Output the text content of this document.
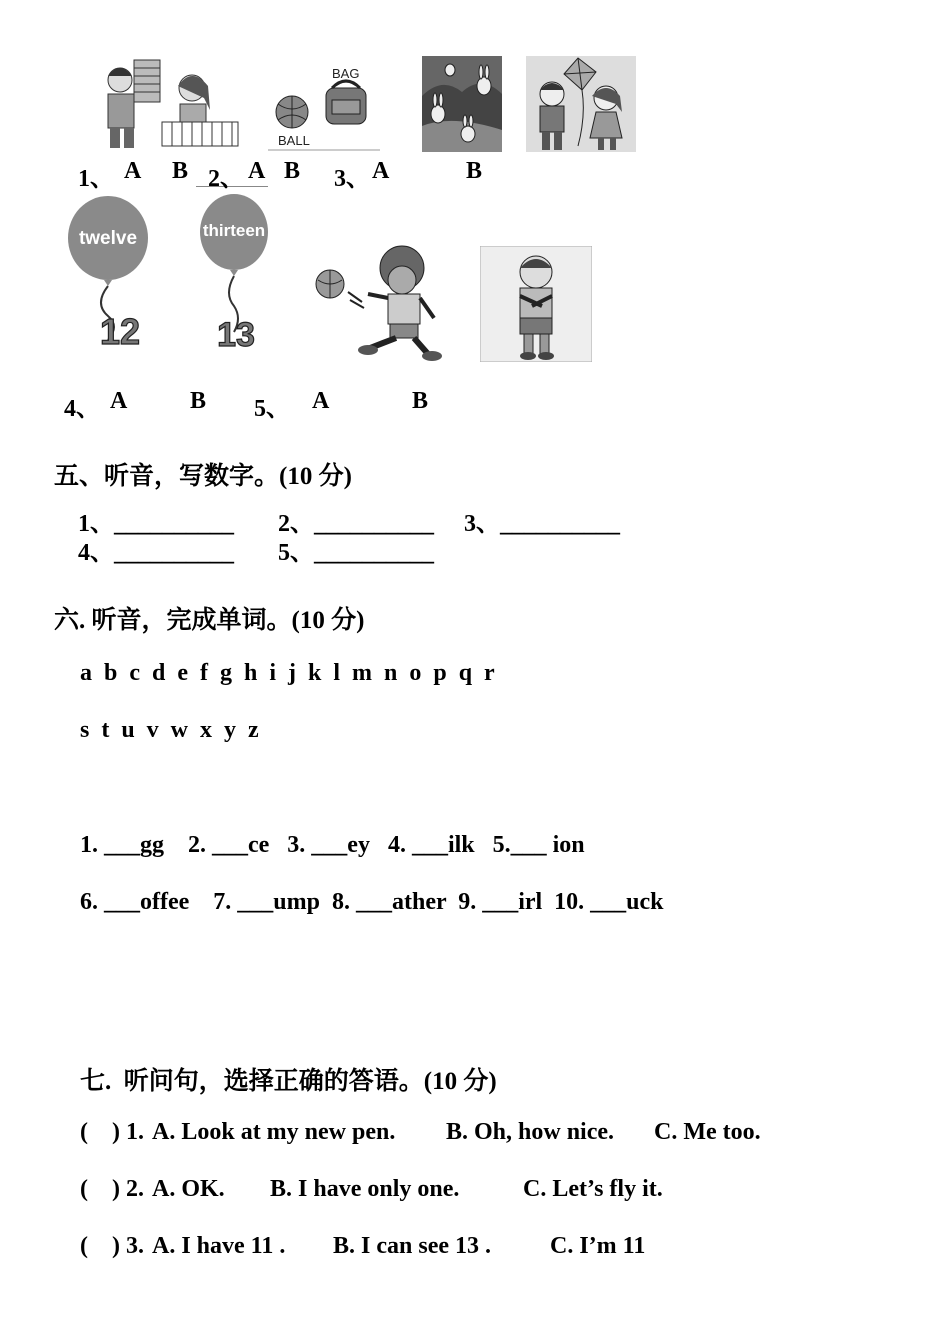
BAG
BALL
1、 A B 2、 A B 3、 A	B
twelve
12
thirteen
13
4、 A	B 5、 A	B
五、听音，写数字。(10 分)
1、__________ 2、__________ 3、__________
4、__________ 5、__________
六. 听音，完成单词。(10 分)
a  b  c  d  e  f  g  h  i  j  k  l  m  n  o  p  q  r
s  t  u  v  w  x  y  z
1. ___gg    2. ___ce   3. ___ey   4. ___ilk   5.___ ion
6. ___offee    7. ___ump  8. ___ather  9. ___irl  10. ___uck
七.  听问句，选择正确的答语。(10 分)
(    ) 1. A. Look at my new pen. B. Oh, how nice. C. Me too.
(    ) 2. A. OK. B. I have only one.	C. Let’s fly it.
(    ) 3. A. I have 11 . B. I can see 13 . C. I’m 11
